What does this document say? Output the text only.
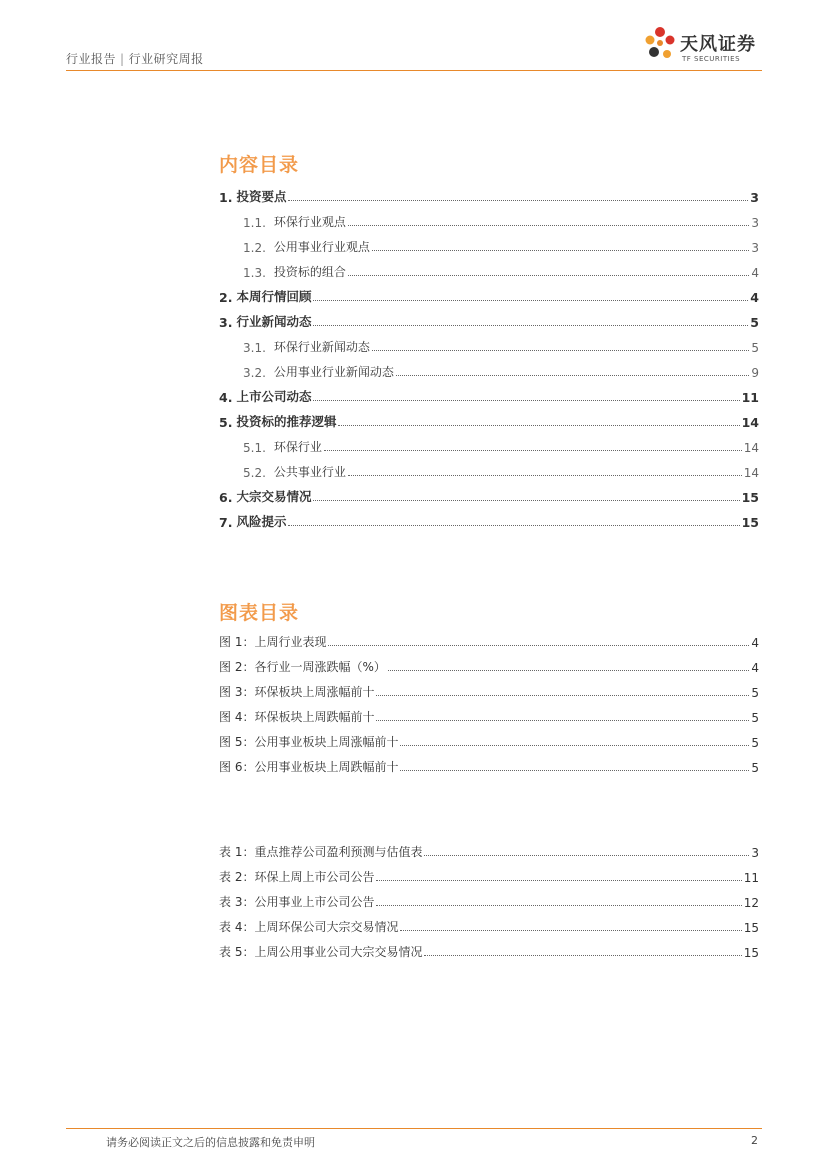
行业报告 | 行业研究周报
天风证券
TF SECURITIES
内容目录
1. 投资要点	3
1.1. 环保行业观点	3
1.2. 公用事业行业观点	3
1.3. 投资标的组合	4
2. 本周行情回顾	4
3. 行业新闻动态	5
3.1. 环保行业新闻动态	5
3.2. 公用事业行业新闻动态	9
4. 上市公司动态	11
5. 投资标的推荐逻辑	14
5.1. 环保行业	14
5.2. 公共事业行业	14
6. 大宗交易情况	15
7. 风险提示	15
图表目录
图 1：上周行业表现	4
图 2：各行业一周涨跌幅（%）	4
图 3：环保板块上周涨幅前十	5
图 4：环保板块上周跌幅前十	5
图 5：公用事业板块上周涨幅前十	5
图 6：公用事业板块上周跌幅前十	5
表 1：重点推荐公司盈利预测与估值表	3
表 2：环保上周上市公司公告	11
表 3：公用事业上市公司公告	12
表 4：上周环保公司大宗交易情况	15
表 5：上周公用事业公司大宗交易情况	15
请务必阅读正文之后的信息披露和免责申明	2
